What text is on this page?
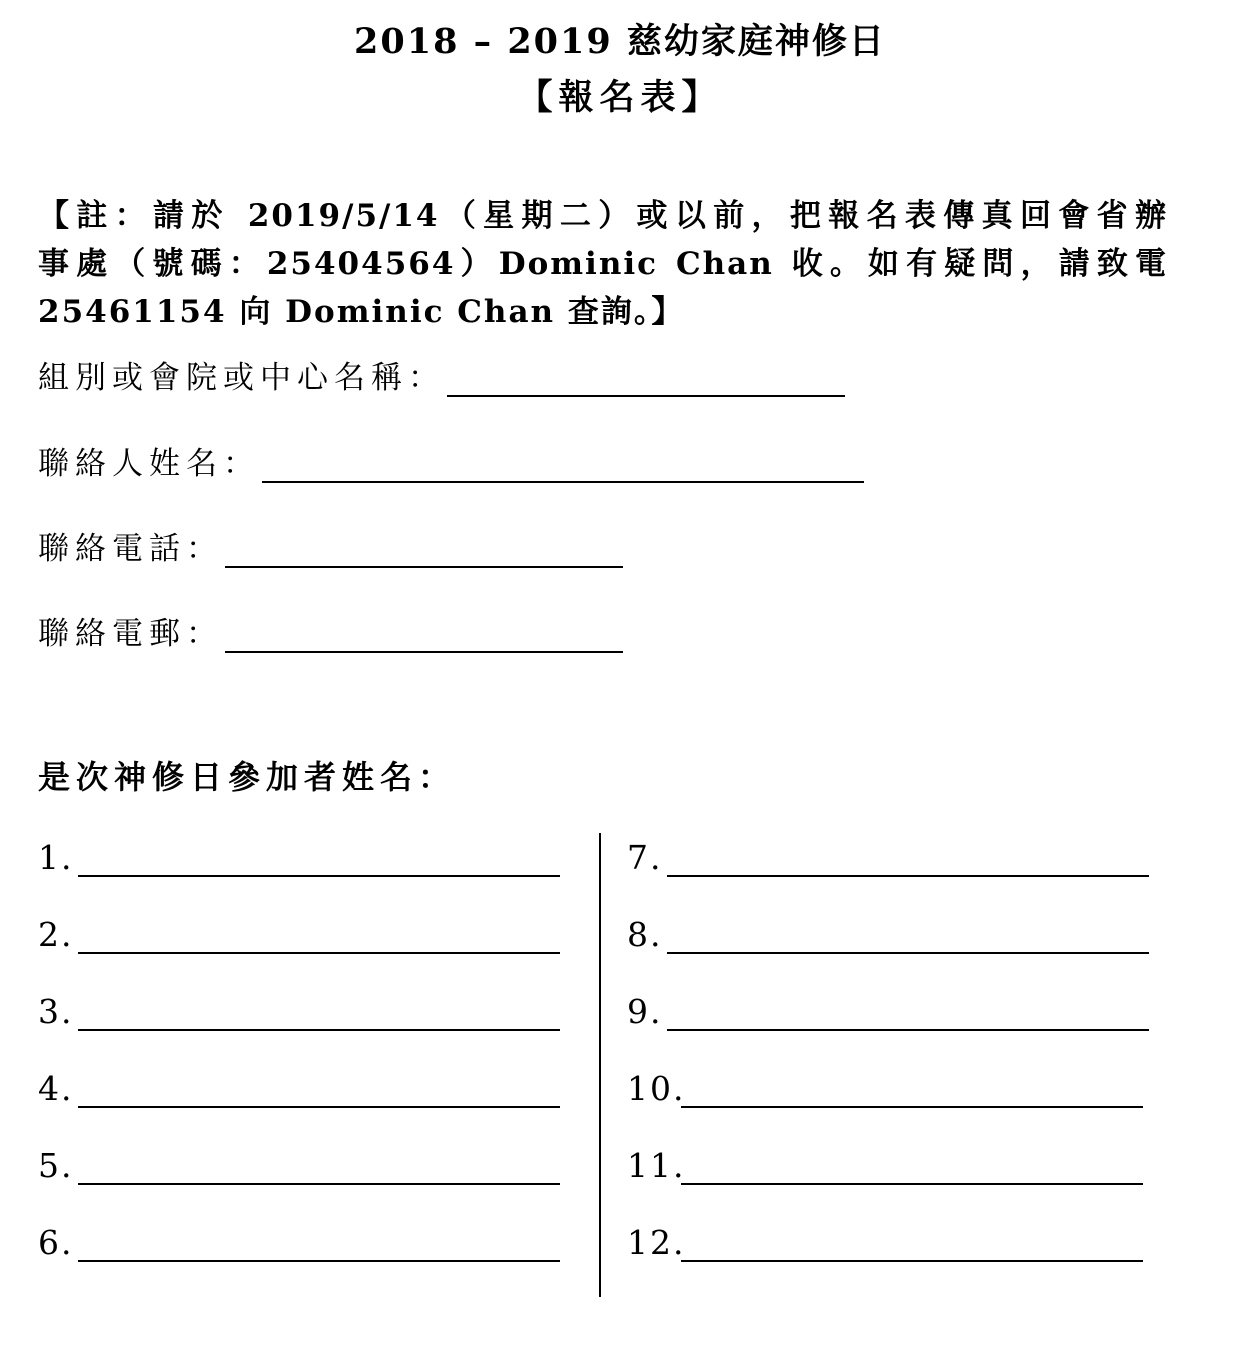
2018 – 2019 慈幼家庭神修日
【報名表】
【註：請於 2019/5/14（星期二）或以前，把報名表傳真回會省辦
事處（號碼：25404564）Dominic Chan 收。如有疑問，請致電
25461154 向 Dominic Chan 查詢。】
組別或會院或中心名稱：
聯絡人姓名：
聯絡電話：
聯絡電郵：
是次神修日參加者姓名：
1.
2.
3.
4.
5.
6.
7.
8.
9.
10.
11.
12.
